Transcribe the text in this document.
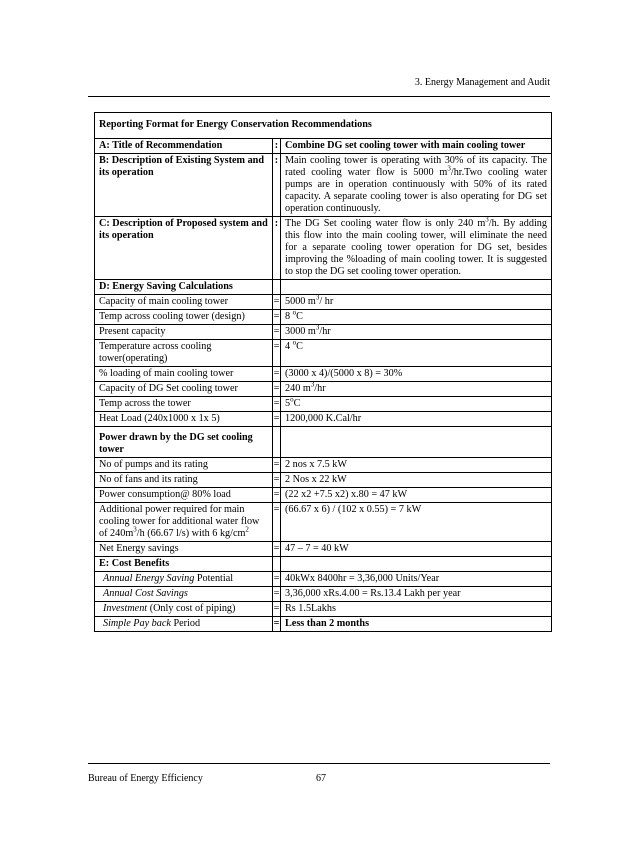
3. Energy Management and Audit
Reporting Format for Energy Conservation Recommendations		
A: Title of Recommendation	:	Combine DG set cooling tower with main cooling tower
B: Description of Existing System and its operation	:	Main cooling tower is operating with 30% of its capacity. The rated cooling water flow is 5000 $m^3/hr.Two$ cooling water pumps are in operation continuously with 50% of its rated capacity. A separate cooling tower is also operating for DG set operation continuously.
C: Description of Proposed system and its operation	:	The DG Set cooling water flow is only 240 $m^3/h$. By adding this flow into the main cooling tower, will eliminate the need for a separate cooling tower operation for DG set, besides improving the %loading of main cooling tower. It is suggested to stop the DG set cooling tower operation.
D: Energy Saving Calculations		
Capacity of main cooling tower	=	5000 $m^3/$ hr
Temp across cooling tower (design)	=	8 $^o$C
Present capacity	=	3000 $m^3/hr$
Temperature across cooling tower(operating)	=	4 $^o$C
% loading of main cooling tower	=	(3000 x 4)/(5000 x 8) = 30%
Capacity of DG Set cooling tower	=	240 $m^3/hr$
Temp across the tower	=	$5^oC$
Heat Load (240x1000 x 1x 5)	=	1200,000 K.Cal/hr
Power drawn by the DG set cooling tower		
No of pumps and its rating	=	2 nos x 7.5 kW
No of fans and its rating	=	2 Nos x 22 kW
Power consumption@ 80% load	=	(22 x2 +7.5 x2) x.80 = 47 kW
Additional power required for main cooling tower for additional water flow of $240m^3/h$ (66.67 l/s) with 6 $kg/cm^2$	=	(66.67 x 6) / (102 x 0.55) = 7 kW
Net Energy savings	=	47 – 7 = 40 kW
E: Cost Benefits		
Annual Energy Saving Potential	=	40kWx 8400hr = 3,36,000 Units/Year
Annual Cost Savings	=	3,36,000 xRs.4.00 = Rs.13.4 Lakh per year
Investment (Only cost of piping)	=	Rs 1.5Lakhs
Simple Pay back Period	=	Less than 2 months
Bureau of Energy Efficiency	67
